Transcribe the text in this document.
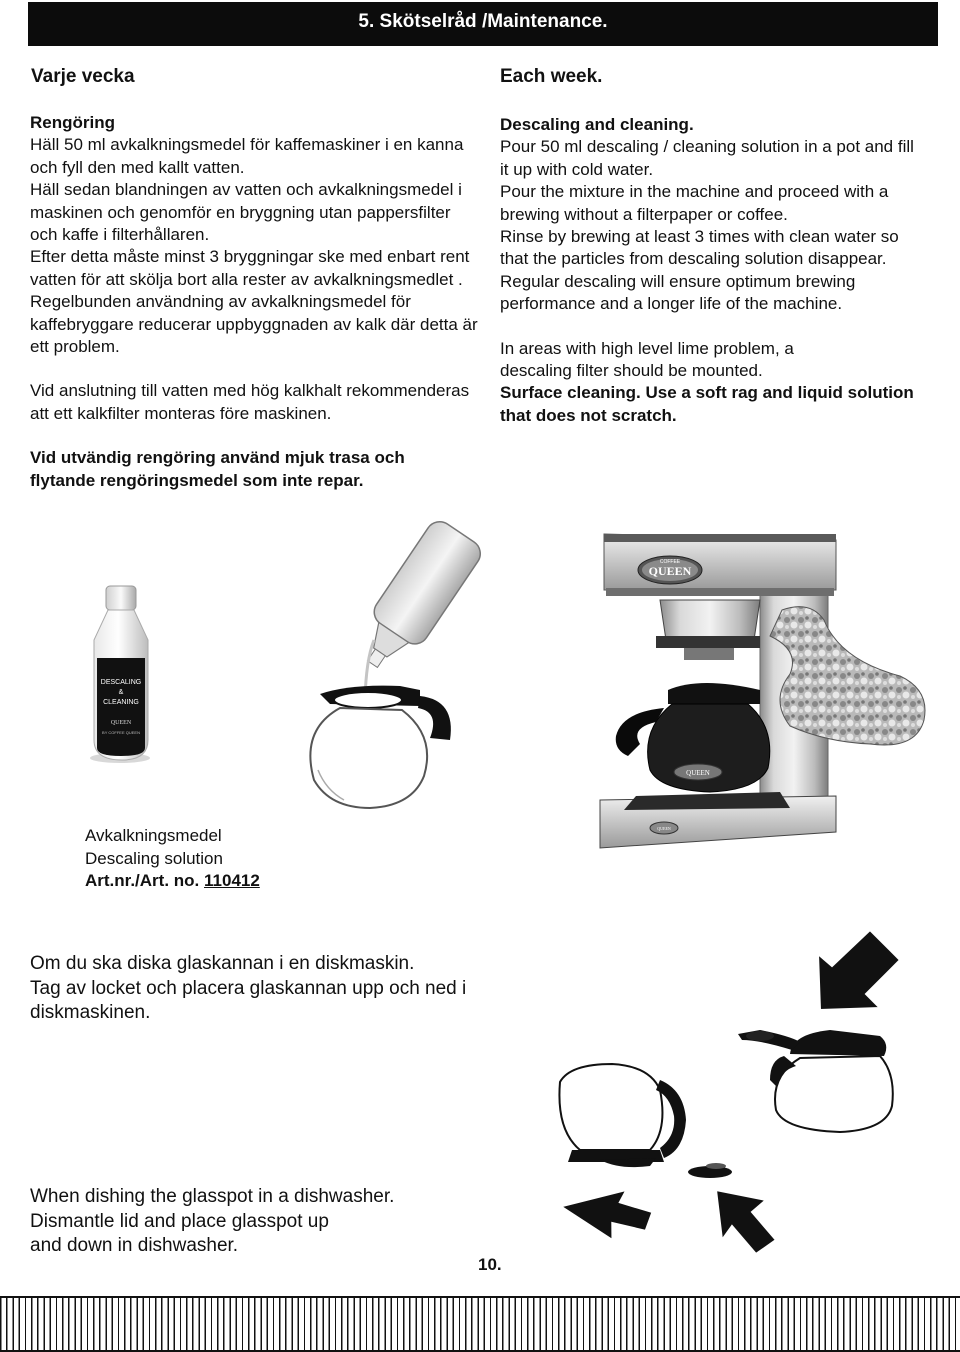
5. Skötselråd /Maintenance.
Varje vecka

Rengöring

Häll 50 ml avkalkningsmedel för kaffemaskiner i en kanna och fyll den med kallt vatten.

Häll sedan blandningen av vatten och avkalkningsmedel i maskinen och genomför en bryggning utan pappersfilter och kaffe i filterhållaren.

Efter detta måste minst 3 bryggningar ske med enbart rent vatten för att skölja bort alla rester av avkalkningsmedlet .

Regelbunden användning av avkalkningsmedel för kaffebryggare reducerar uppbyggnaden av kalk där detta är ett problem.

Vid anslutning till vatten med hög kalkhalt rekommenderas att ett kalkfilter monteras före maskinen.

Vid utvändig rengöring använd mjuk trasa och flytande rengöringsmedel som inte repar.

Each week.

Descaling and cleaning.

Pour 50 ml descaling / cleaning solution in a pot and fill it up with cold water.

Pour the mixture in the machine and proceed with a brewing without a filterpaper or coffee.

Rinse by brewing at least 3 times with clean water so that the particles from descaling solution disappear.

Regular descaling will ensure optimum brewing performance and a longer life of the machine.

In areas with high level lime problem, a descaling filter should be mounted.

Surface cleaning. Use a soft rag and liquid solution that does not scratch.

DESCALING
&
CLEANING
QUEEN
BY COFFEE QUEEN
COFFEE
QUEEN
QUEEN
QUEEN
Avkalkningsmedel
Descaling solution
Art.nr./Art. no. 110412
Om du ska diska glaskannan i en diskmaskin.
Tag av locket och placera glaskannan upp och ned i
diskmaskinen.
When dishing the glasspot in a dishwasher.
Dismantle lid and place glasspot up
and down in dishwasher.
10.
